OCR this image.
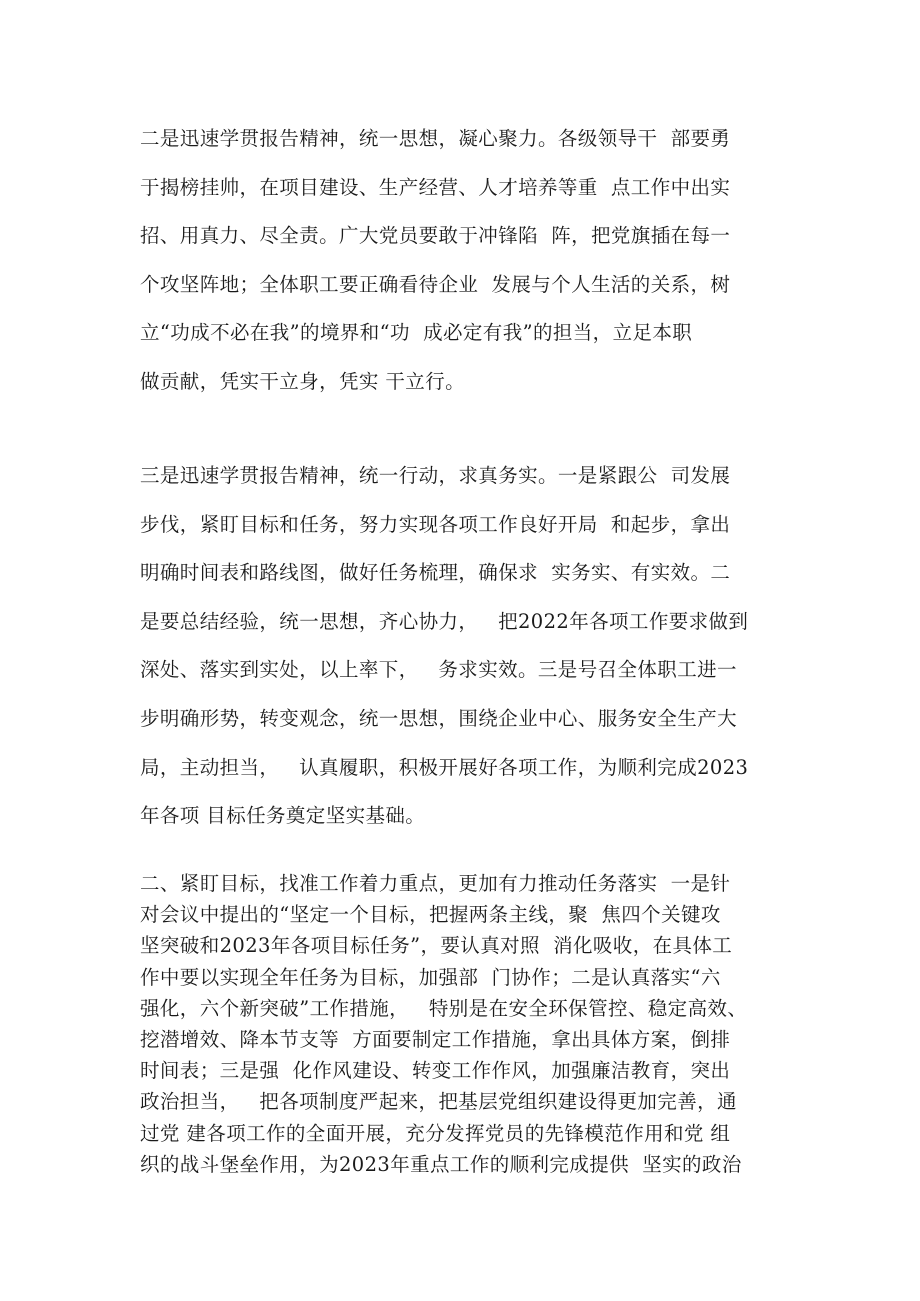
二是迅速学贯报告精神，统一思想，凝心聚力。各级领导干  部要勇
于揭榜挂帅，在项目建设、生产经营、人才培养等重  点工作中出实
招、用真力、尽全责。广大党员要敢于冲锋陷  阵，把党旗插在每一
个攻坚阵地；全体职工要正确看待企业  发展与个人生活的关系，树
立“功成不必在我”的境界和“功  成必定有我”的担当，立足本职
做贡献，凭实干立身，凭实 干立行。
三是迅速学贯报告精神，统一行动，求真务实。一是紧跟公  司发展
步伐，紧盯目标和任务，努力实现各项工作良好开局  和起步，拿出
明确时间表和路线图，做好任务梳理，确保求  实务实、有实效。二
是要总结经验，统一思想，齐心协力，   把2022年各项工作要求做到
深处、落实到实处，以上率下，   务求实效。三是号召全体职工进一
步明确形势，转变观念，统一思想，围绕企业中心、服务安全生产大
局，主动担当，   认真履职，积极开展好各项工作，为顺利完成2023
年各项 目标任务奠定坚实基础。
二、紧盯目标，找准工作着力重点，更加有力推动任务落实  一是针
对会议中提出的“坚定一个目标，把握两条主线，聚  焦四个关键攻
坚突破和2023年各项目标任务”，要认真对照  消化吸收，在具体工
作中要以实现全年任务为目标，加强部  门协作；二是认真落实“六
强化，六个新突破”工作措施，   特别是在安全环保管控、稳定高效、
挖潜增效、降本节支等  方面要制定工作措施，拿出具体方案，倒排
时间表；三是强  化作风建设、转变工作作风，加强廉洁教育，突出
政治担当，   把各项制度严起来，把基层党组织建设得更加完善，通
过党 建各项工作的全面开展，充分发挥党员的先锋模范作用和党 组
织的战斗堡垒作用，为2023年重点工作的顺利完成提供  坚实的政治
